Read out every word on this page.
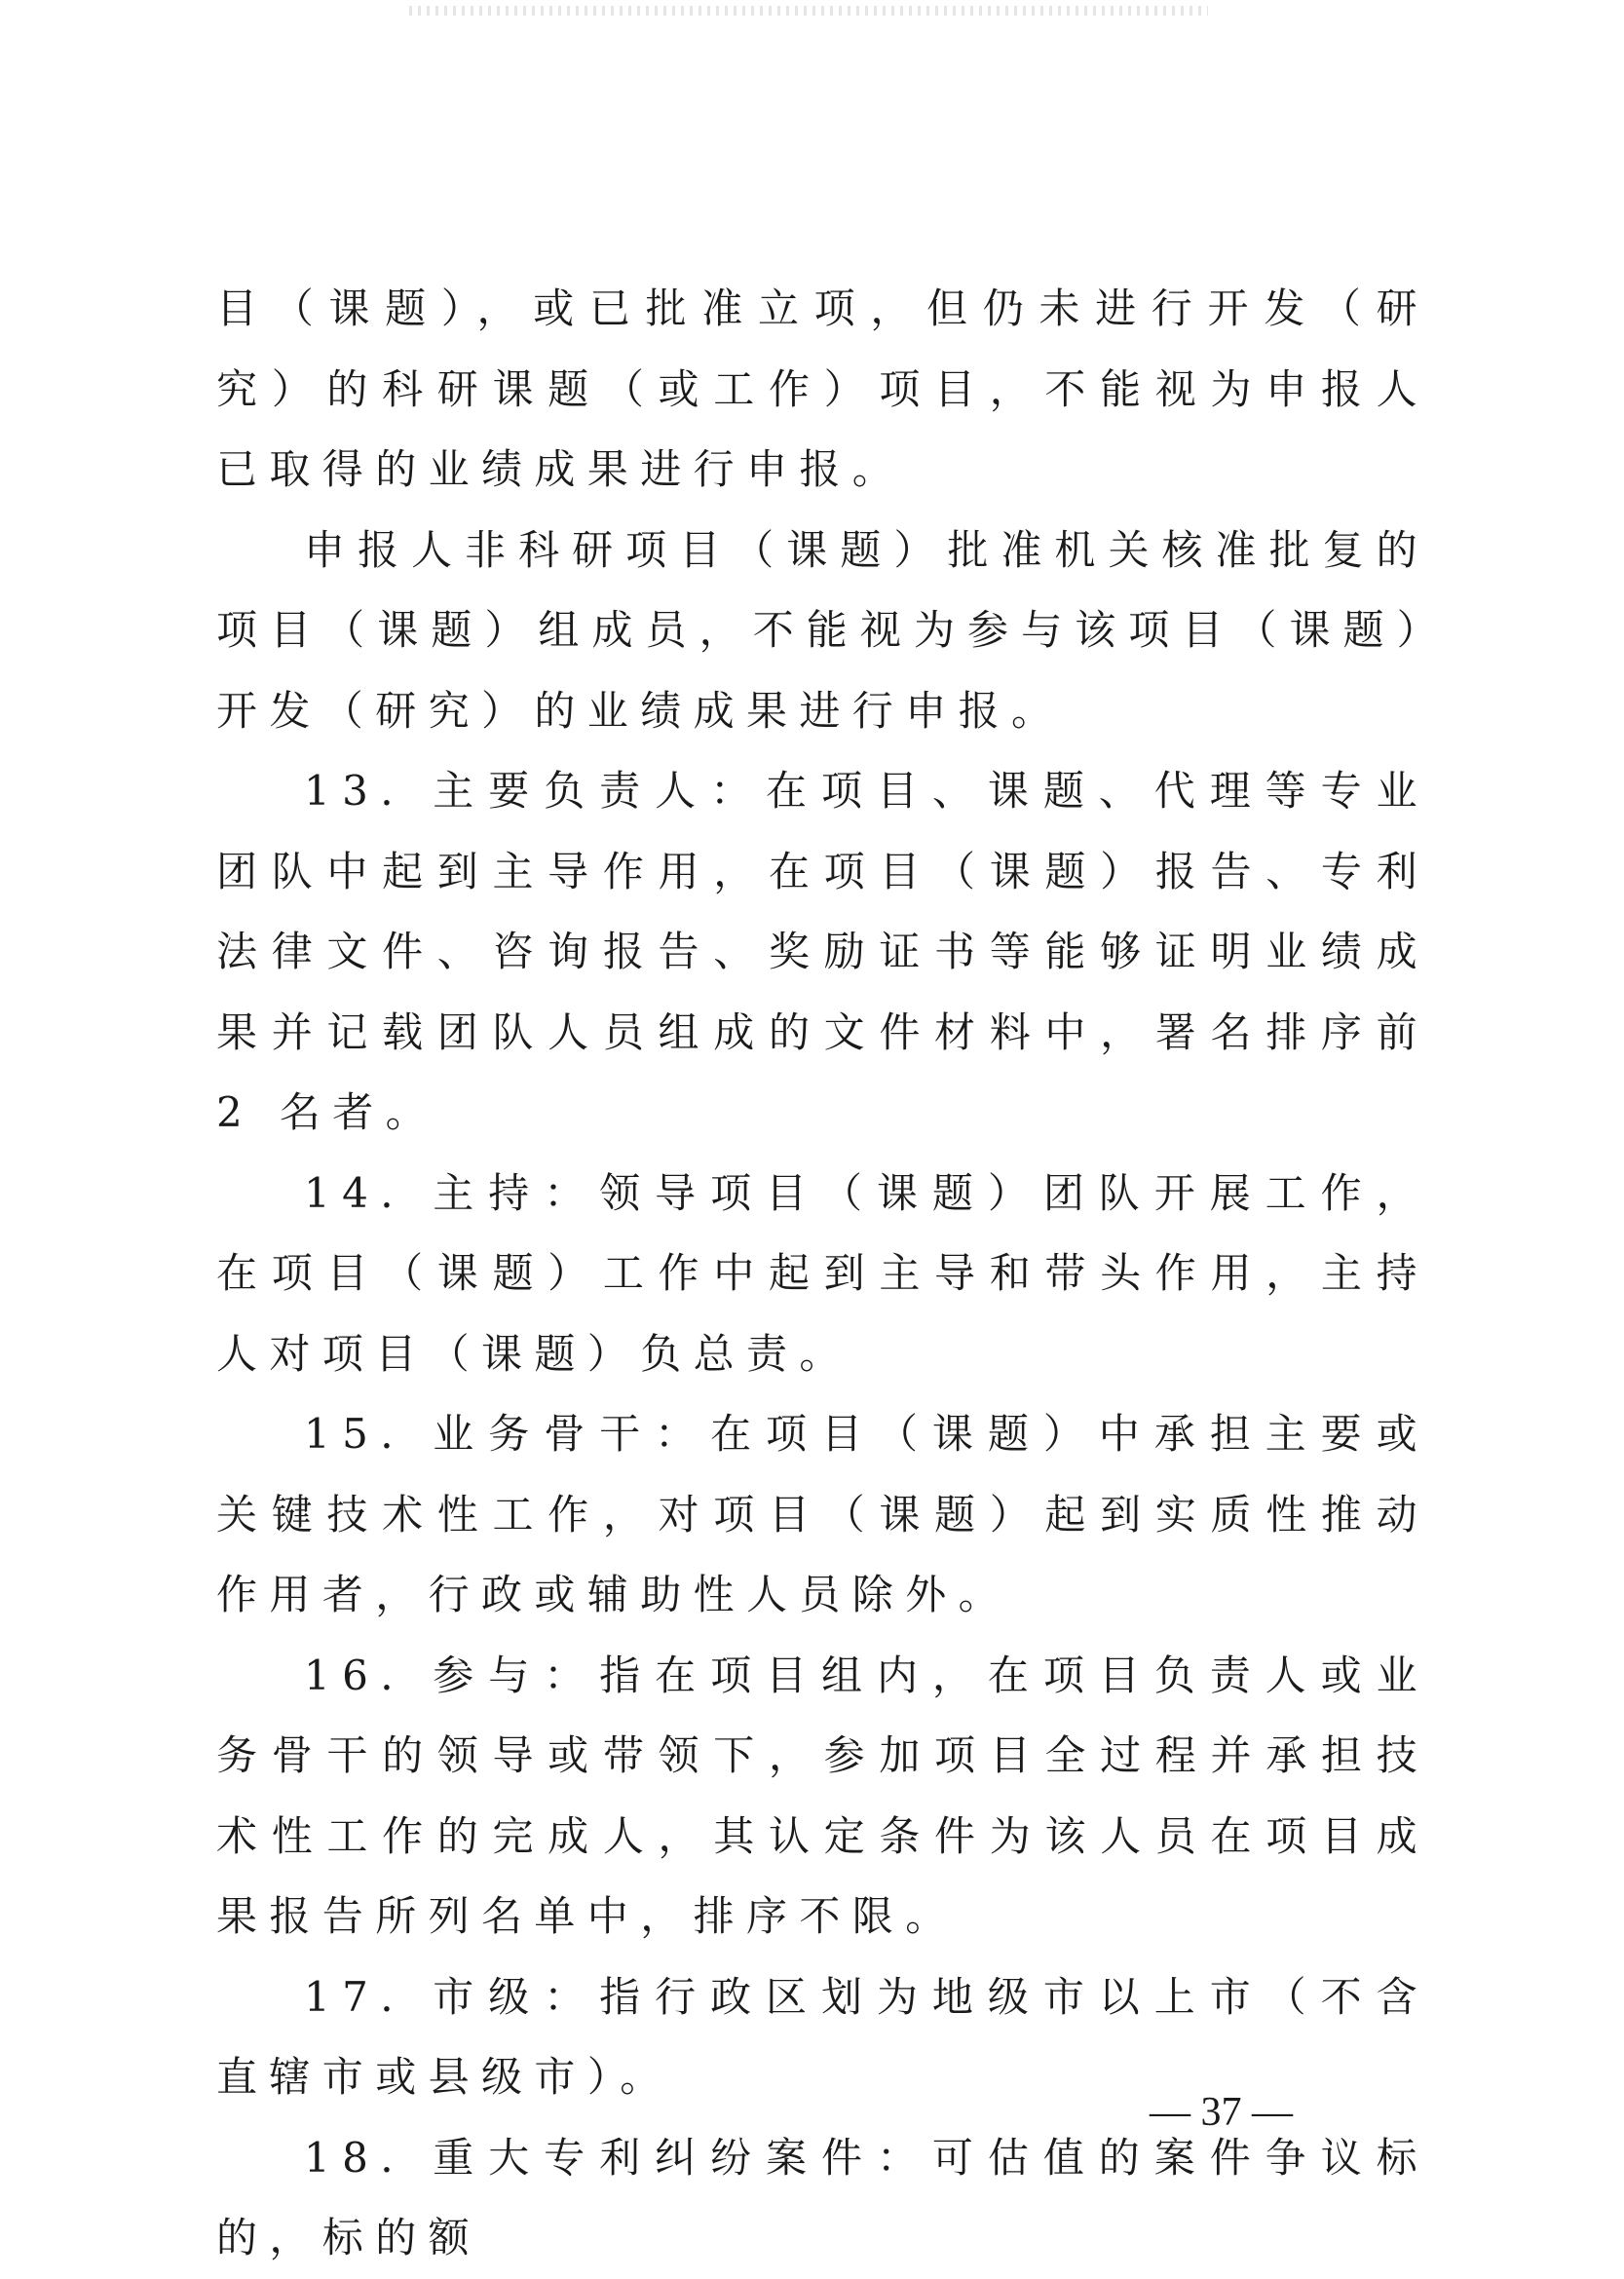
目（课题），或已批准立项，但仍未进行开发（研究）的科研课题（或工作）项目，不能视为申报人已取得的业绩成果进行申报。

申报人非科研项目（课题）批准机关核准批复的项目（课题）组成员，不能视为参与该项目（课题）开发（研究）的业绩成果进行申报。

13. 主要负责人：在项目、课题、代理等专业团队中起到主导作用，在项目（课题）报告、专利法律文件、咨询报告、奖励证书等能够证明业绩成果并记载团队人员组成的文件材料中，署名排序前 2 名者。

14. 主持：领导项目（课题）团队开展工作，在项目（课题）工作中起到主导和带头作用，主持人对项目（课题）负总责。

15. 业务骨干：在项目（课题）中承担主要或关键技术性工作，对项目（课题）起到实质性推动作用者，行政或辅助性人员除外。

16. 参与：指在项目组内，在项目负责人或业务骨干的领导或带领下，参加项目全过程并承担技术性工作的完成人，其认定条件为该人员在项目成果报告所列名单中，排序不限。

17. 市级：指行政区划为地级市以上市（不含直辖市或县级市）。

18. 重大专利纠纷案件：可估值的案件争议标的，标的额

— 37 —
